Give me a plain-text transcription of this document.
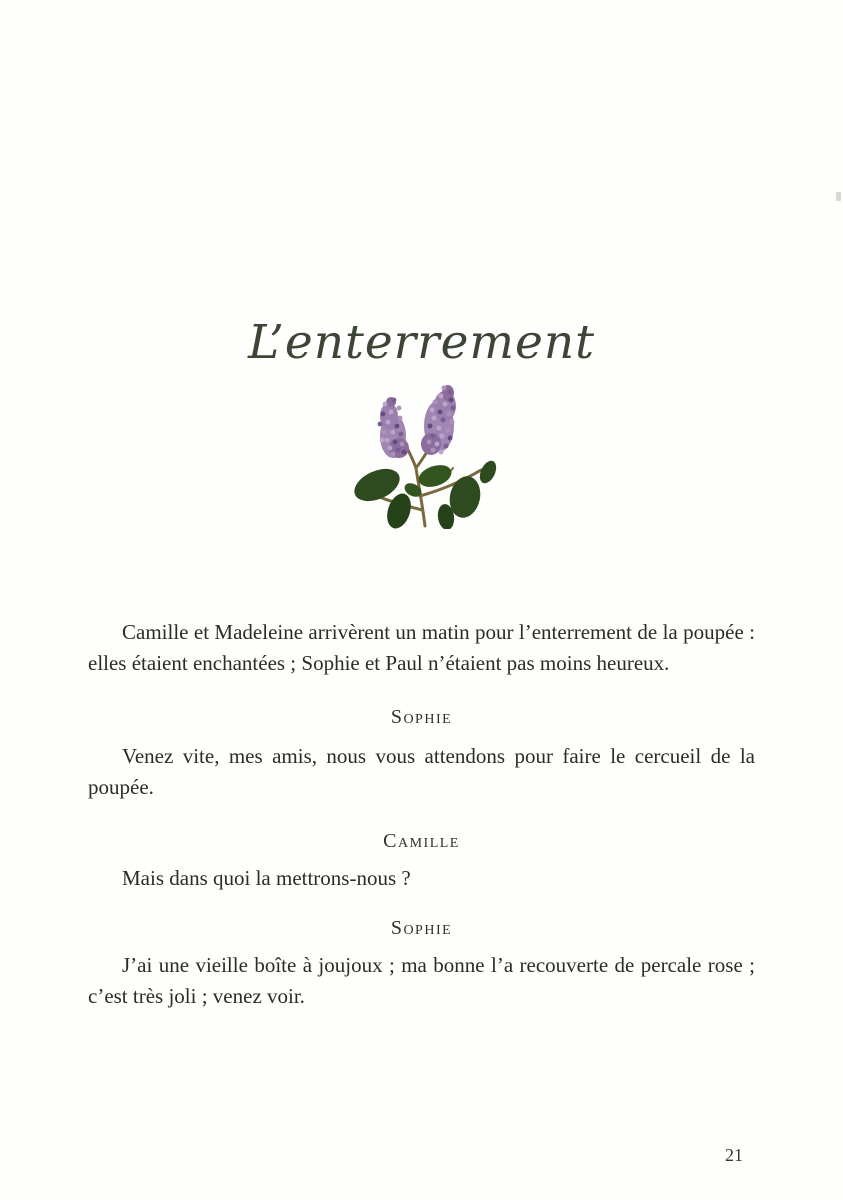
L’enterrement

Camille et Madeleine arrivèrent un matin pour l’enterrement de la poupée : elles étaient enchantées ; Sophie et Paul n’étaient pas moins heureux.

Sophie

Venez vite, mes amis, nous vous attendons pour faire le cercueil de la poupée.

Camille

Mais dans quoi la mettrons-nous ?

Sophie

J’ai une vieille boîte à joujoux ; ma bonne l’a recouverte de percale rose ; c’est très joli ; venez voir.

21
